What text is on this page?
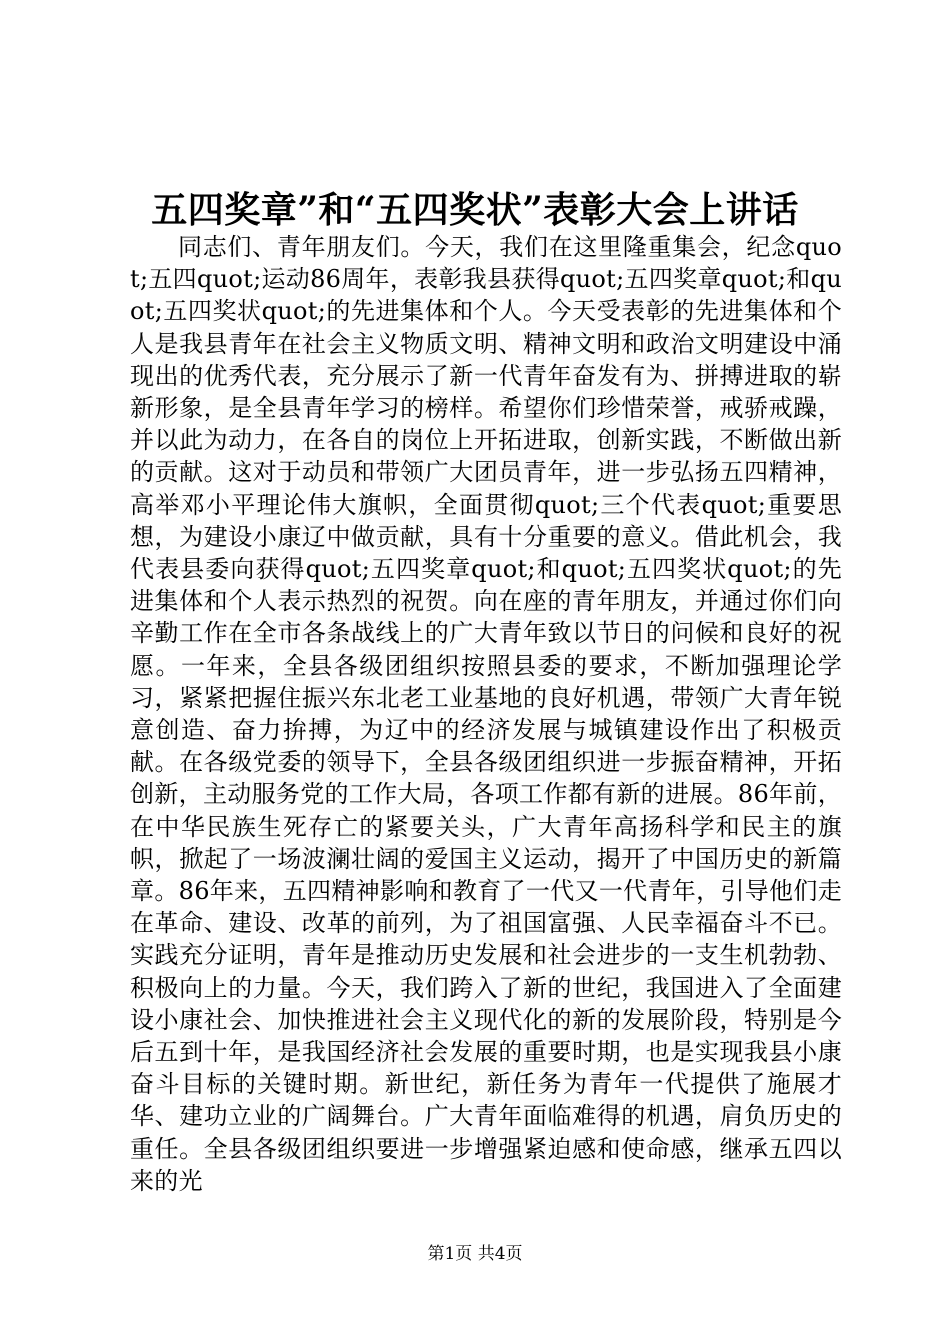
五四奖章”和“五四奖状”表彰大会上讲话
同志们、青年朋友们。今天，我们在这里隆重集会，纪念quot;五四quot;运动86周年，表彰我县获得quot;五四奖章quot;和quot;五四奖状quot;的先进集体和个人。今天受表彰的先进集体和个人是我县青年在社会主义物质文明、精神文明和政治文明建设中涌现出的优秀代表，充分展示了新一代青年奋发有为、拼搏进取的崭新形象，是全县青年学习的榜样。希望你们珍惜荣誉，戒骄戒躁，并以此为动力，在各自的岗位上开拓进取，创新实践，不断做出新的贡献。这对于动员和带领广大团员青年，进一步弘扬五四精神，高举邓小平理论伟大旗帜，全面贯彻quot;三个代表quot;重要思想，为建设小康辽中做贡献，具有十分重要的意义。借此机会，我代表县委向获得quot;五四奖章quot;和quot;五四奖状quot;的先进集体和个人表示热烈的祝贺。向在座的青年朋友，并通过你们向辛勤工作在全市各条战线上的广大青年致以节日的问候和良好的祝愿。一年来，全县各级团组织按照县委的要求，不断加强理论学习，紧紧把握住振兴东北老工业基地的良好机遇，带领广大青年锐意创造、奋力拚搏，为辽中的经济发展与城镇建设作出了积极贡献。在各级党委的领导下，全县各级团组织进一步振奋精神，开拓创新，主动服务党的工作大局，各项工作都有新的进展。86年前，在中华民族生死存亡的紧要关头，广大青年高扬科学和民主的旗帜，掀起了一场波澜壮阔的爱国主义运动，揭开了中国历史的新篇章。86年来，五四精神影响和教育了一代又一代青年，引导他们走在革命、建设、改革的前列，为了祖国富强、人民幸福奋斗不已。实践充分证明，青年是推动历史发展和社会进步的一支生机勃勃、积极向上的力量。今天，我们跨入了新的世纪，我国进入了全面建设小康社会、加快推进社会主义现代化的新的发展阶段，特别是今后五到十年，是我国经济社会发展的重要时期，也是实现我县小康奋斗目标的关键时期。新世纪，新任务为青年一代提供了施展才华、建功立业的广阔舞台。广大青年面临难得的机遇，肩负历史的重任。全县各级团组织要进一步增强紧迫感和使命感，继承五四以来的光
第1页 共4页
